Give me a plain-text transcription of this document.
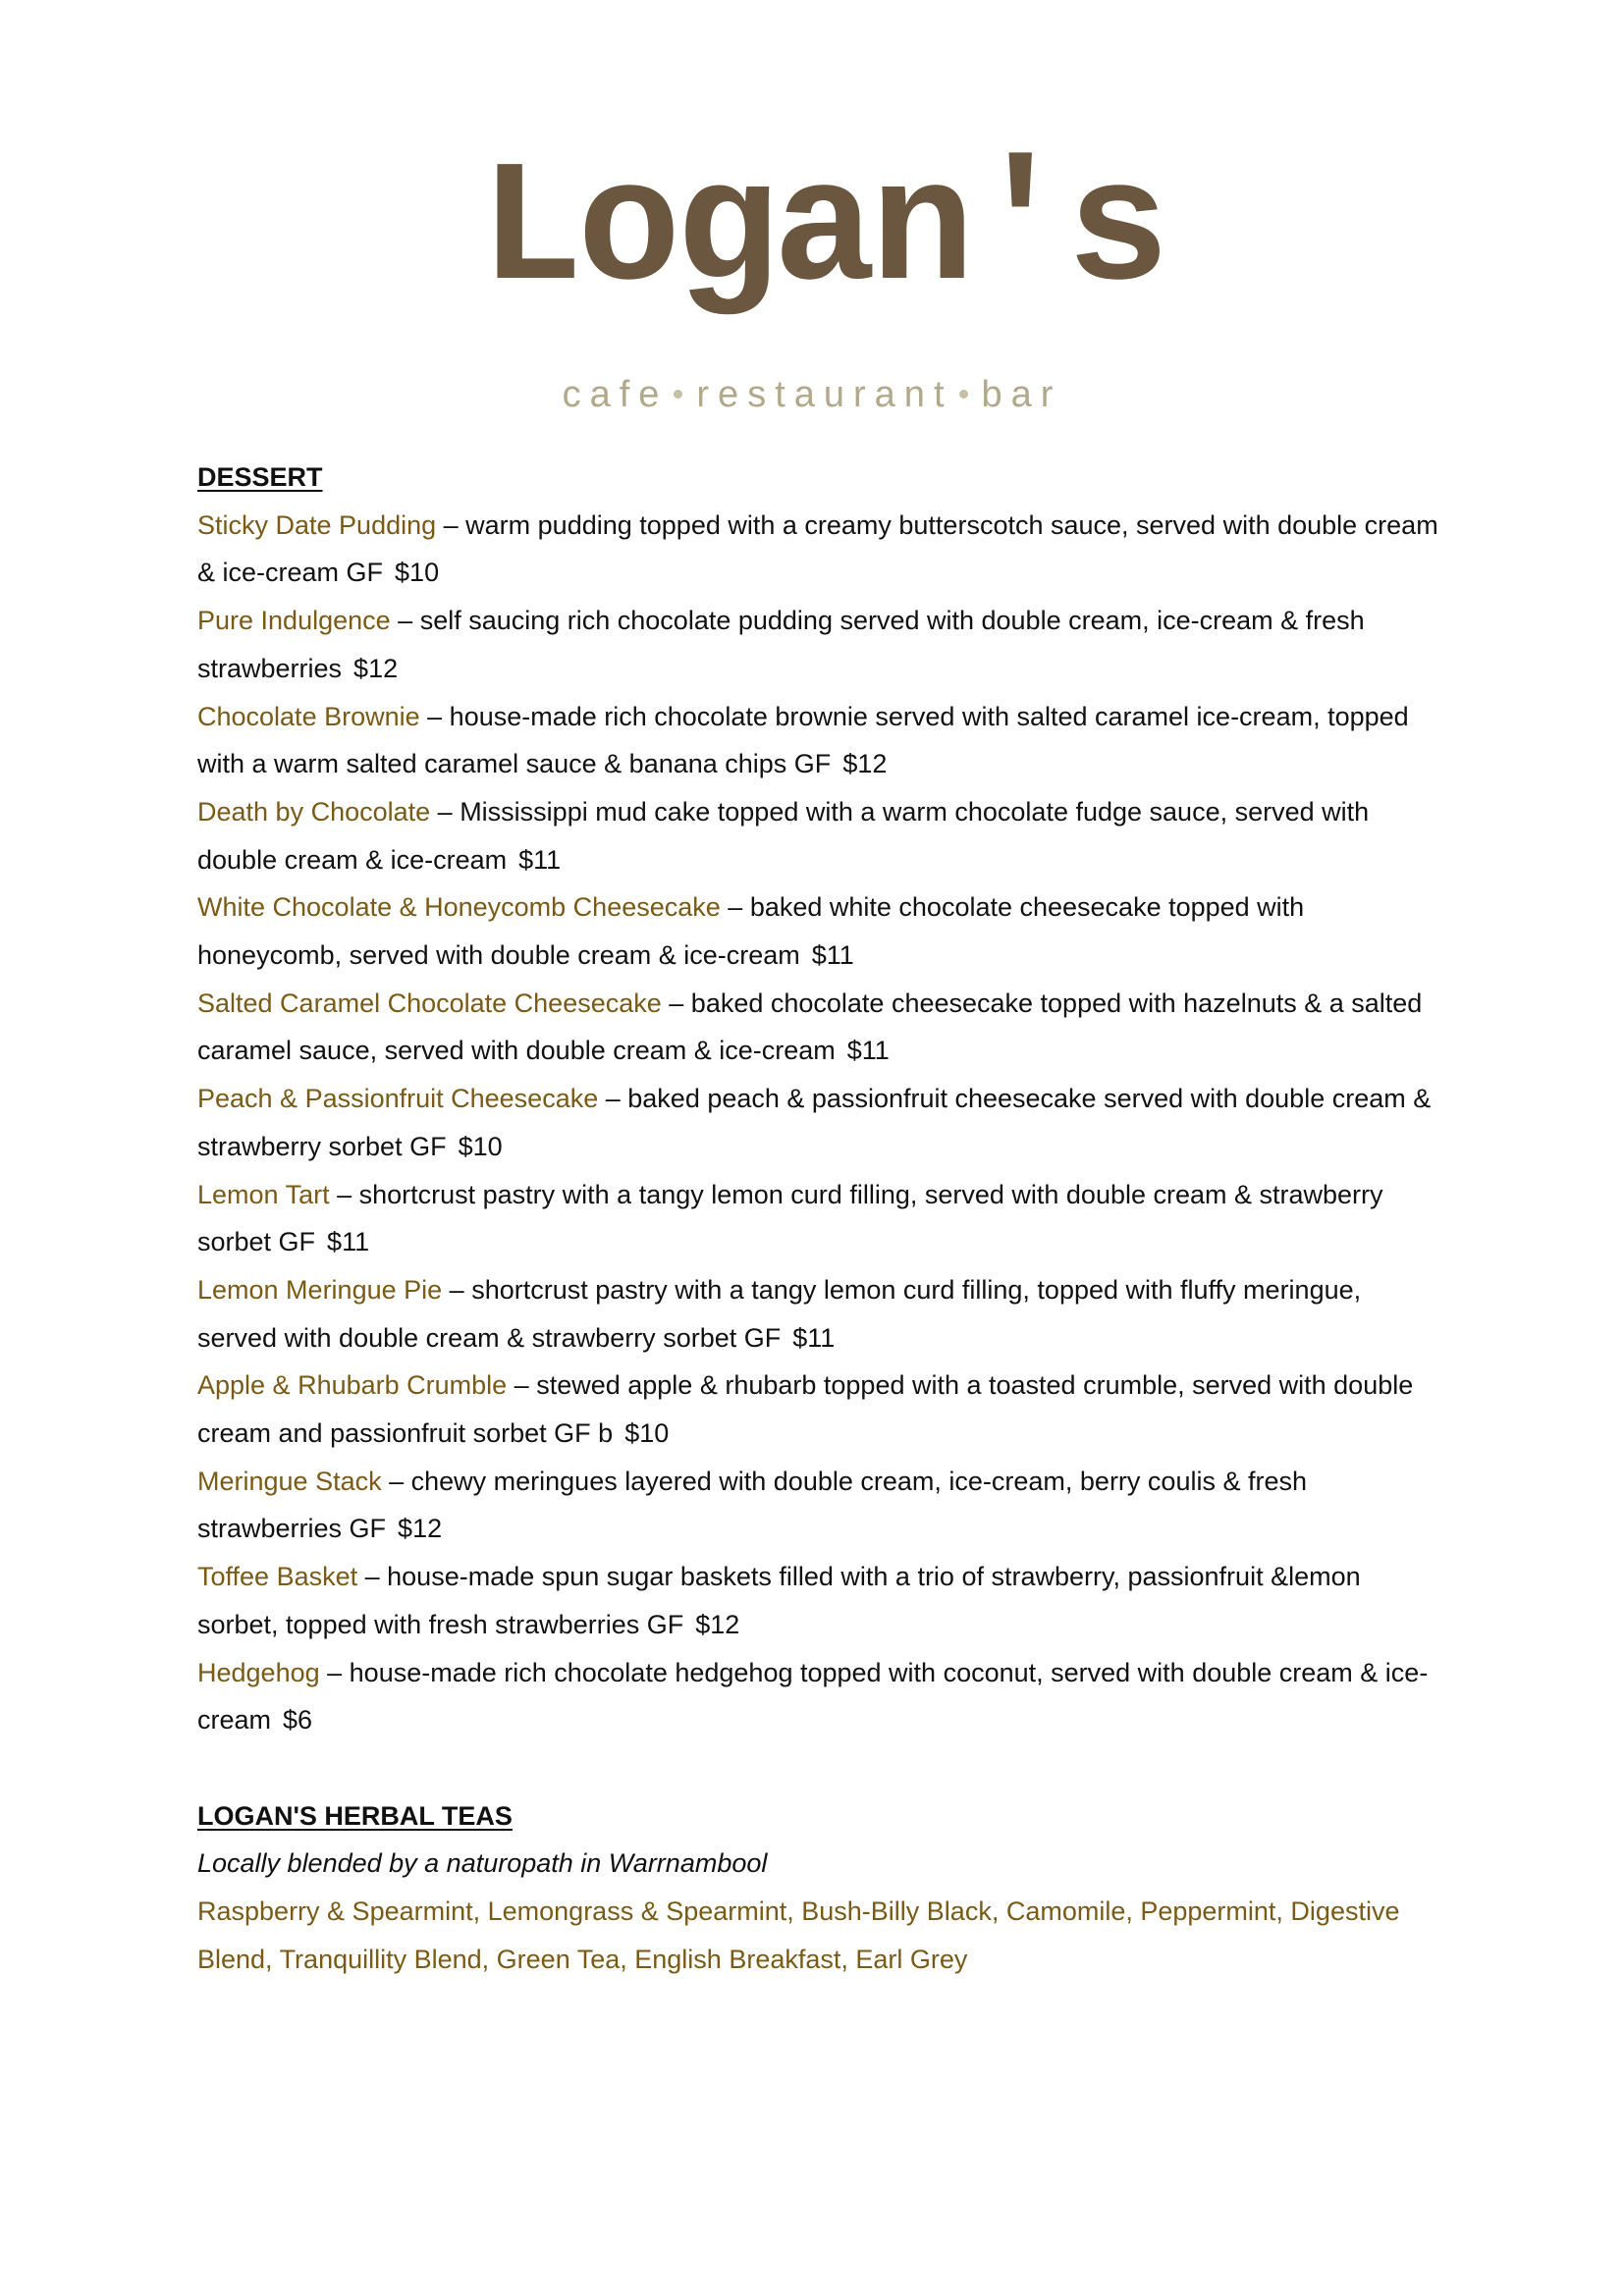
Logan's
cafe restaurant bar

DESSERT

Sticky Date Pudding – warm pudding topped with a creamy butterscotch sauce, served with double cream & ice-cream GF $10

Pure Indulgence – self saucing rich chocolate pudding served with double cream, ice-cream & fresh strawberries $12

Chocolate Brownie – house-made rich chocolate brownie served with salted caramel ice-cream, topped with a warm salted caramel sauce & banana chips GF $12

Death by Chocolate – Mississippi mud cake topped with a warm chocolate fudge sauce, served with double cream & ice-cream $11

White Chocolate & Honeycomb Cheesecake – baked white chocolate cheesecake topped with honeycomb, served with double cream & ice-cream $11

Salted Caramel Chocolate Cheesecake – baked chocolate cheesecake topped with hazelnuts & a salted caramel sauce, served with double cream & ice-cream $11

Peach & Passionfruit Cheesecake – baked peach & passionfruit cheesecake served with double cream & strawberry sorbet GF $10

Lemon Tart – shortcrust pastry with a tangy lemon curd filling, served with double cream & strawberry sorbet GF $11

Lemon Meringue Pie – shortcrust pastry with a tangy lemon curd filling, topped with fluffy meringue, served with double cream & strawberry sorbet GF $11

Apple & Rhubarb Crumble – stewed apple & rhubarb topped with a toasted crumble, served with double cream and passionfruit sorbet GF b $10

Meringue Stack – chewy meringues layered with double cream, ice-cream, berry coulis & fresh strawberries GF $12

Toffee Basket – house-made spun sugar baskets filled with a trio of strawberry, passionfruit &lemon sorbet, topped with fresh strawberries GF $12

Hedgehog – house-made rich chocolate hedgehog topped with coconut, served with double cream & ice-cream $6

LOGAN'S HERBAL TEAS

Locally blended by a naturopath in Warrnambool

Raspberry & Spearmint, Lemongrass & Spearmint, Bush-Billy Black, Camomile, Peppermint, Digestive Blend, Tranquillity Blend, Green Tea, English Breakfast, Earl Grey
